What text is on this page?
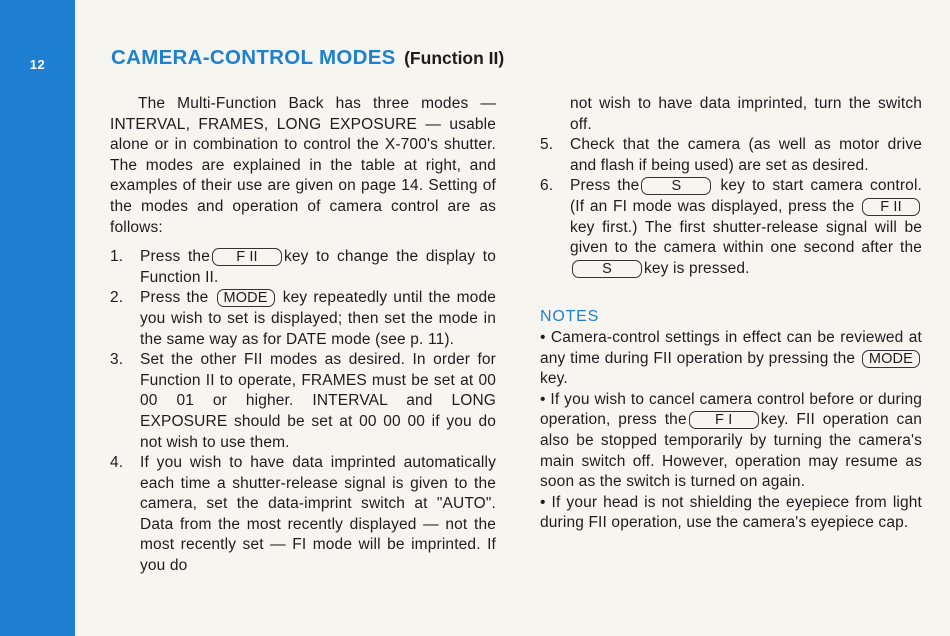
12	CAMERA-CONTROL MODES (Function II)

The Multi-Function Back has three modes — INTERVAL, FRAMES, LONG EXPOSURE — usable alone or in combination to control the X-700's shutter. The modes are explained in the table at right, and examples of their use are given on page 14. Setting of the modes and operation of camera control are as follows:

1. Press the F II key to change the display to Function II.
2. Press the MODE key repeatedly until the mode you wish to set is displayed; then set the mode in the same way as for DATE mode (see p. 11).
3. Set the other FII modes as desired. In order for Function II to operate, FRAMES must be set at 00 00 01 or higher. INTERVAL and LONG EXPOSURE should be set at 00 00 00 if you do not wish to use them.
4. If you wish to have data imprinted automatically each time a shutter-release signal is given to the camera, set the data-imprint switch at "AUTO". Data from the most recently displayed — not the most recently set — FI mode will be imprinted. If you do
not wish to have data imprinted, turn the switch off.
5. Check that the camera (as well as motor drive and flash if being used) are set as desired.
6. Press the S	key to start camera control. (If an FI mode was displayed, press the F II key first.) The first shutter-release signal will be given to the camera within one second after the S key is pressed.
NOTES

• Camera-control settings in effect can be reviewed at any time during FII operation by pressing the MODE key.

• If you wish to cancel camera control before or during operation, press the F I key. FII operation can also be stopped temporarily by turning the camera's main switch off. However, operation may resume as soon as the switch is turned on again.

• If your head is not shielding the eyepiece from light during FII operation, use the camera's eyepiece cap.
